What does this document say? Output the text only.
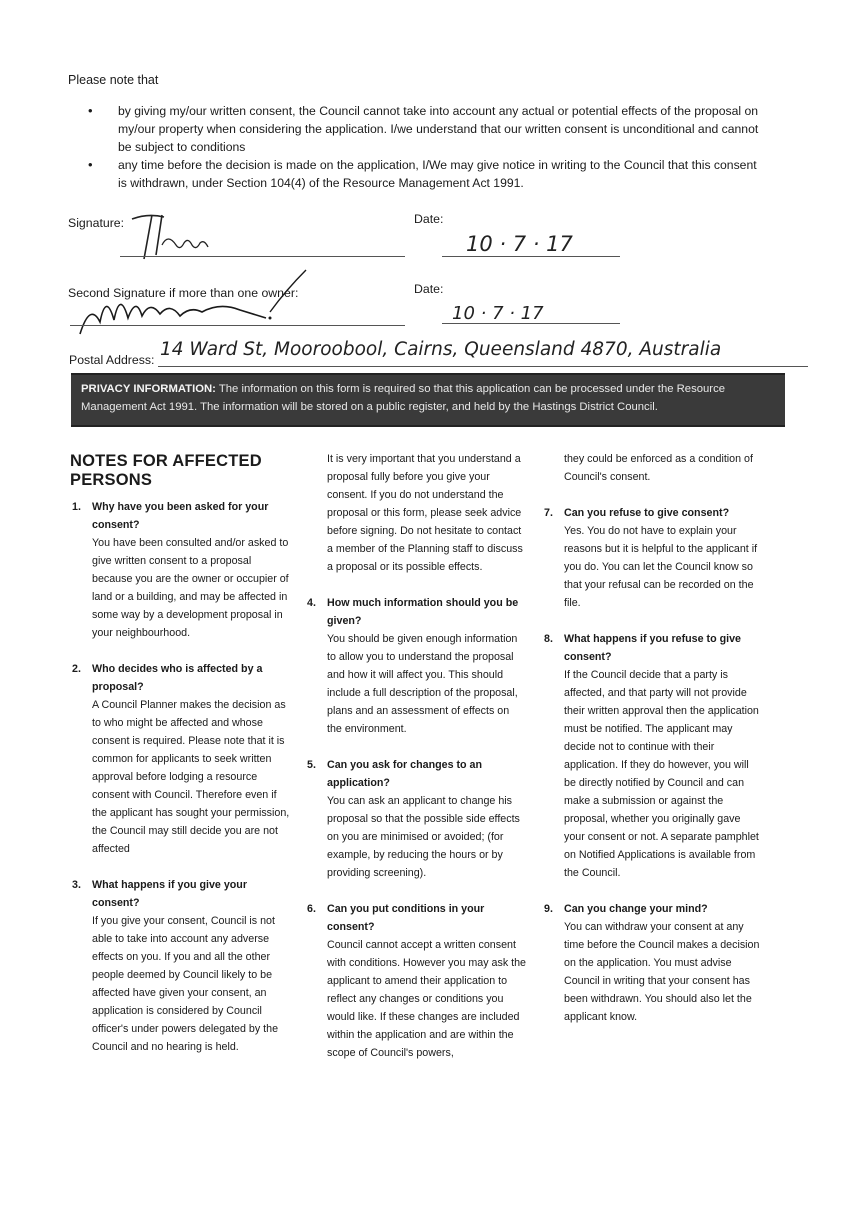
Please note that
• by giving my/our written consent, the Council cannot take into account any actual or potential effects of the proposal on my/our property when considering the application. I/we understand that our written consent is unconditional and cannot be subject to conditions
• any time before the decision is made on the application, I/We may give notice in writing to the Council that this consent is withdrawn, under Section 104(4) of the Resource Management Act 1991.
Signature:	Date:
10 · 7 · 17
Second Signature if more than one owner:	Date:
10 · 7 · 17
Postal Address: 14 Ward St, Mooroobool, Cairns, Queensland 4870, Australia
PRIVACY INFORMATION: The information on this form is required so that this application can be processed under the Resource Management Act 1991. The information will be stored on a public register, and held by the Hastings District Council.
NOTES FOR AFFECTED PERSONS
1. Why have you been asked for your consent?

You have been consulted and/or asked to give written consent to a proposal because you are the owner or occupier of land or a building, and may be affected in some way by a development proposal in your neighbourhood.

2. Who decides who is affected by a proposal?

A Council Planner makes the decision as to who might be affected and whose consent is required. Please note that it is common for applicants to seek written approval before lodging a resource consent with Council. Therefore even if the applicant has sought your permission, the Council may still decide you are not affected

3. What happens if you give your consent?

If you give your consent, Council is not able to take into account any adverse effects on you. If you and all the other people deemed by Council likely to be affected have given your consent, an application is considered by Council officer's under powers delegated by the Council and no hearing is held.

It is very important that you understand a proposal fully before you give your consent. If you do not understand the proposal or this form, please seek advice before signing. Do not hesitate to contact a member of the Planning staff to discuss a proposal or its possible effects.

4. How much information should you be given?

You should be given enough information to allow you to understand the proposal and how it will affect you. This should include a full description of the proposal, plans and an assessment of effects on the environment.

5. Can you ask for changes to an application?

You can ask an applicant to change his proposal so that the possible side effects on you are minimised or avoided; (for example, by reducing the hours or by providing screening).

6. Can you put conditions in your consent?

Council cannot accept a written consent with conditions. However you may ask the applicant to amend their application to reflect any changes or conditions you would like. If these changes are included within the application and are within the scope of Council's powers,

they could be enforced as a condition of Council's consent.

7. Can you refuse to give consent?

Yes. You do not have to explain your reasons but it is helpful to the applicant if you do. You can let the Council know so that your refusal can be recorded on the file.

8. What happens if you refuse to give consent?

If the Council decide that a party is affected, and that party will not provide their written approval then the application must be notified. The applicant may decide not to continue with their application. If they do however, you will be directly notified by Council and can make a submission or against the proposal, whether you originally gave your consent or not. A separate pamphlet on Notified Applications is available from the Council.

9. Can you change your mind?

You can withdraw your consent at any time before the Council makes a decision on the application. You must advise Council in writing that your consent has been withdrawn. You should also let the applicant know.
